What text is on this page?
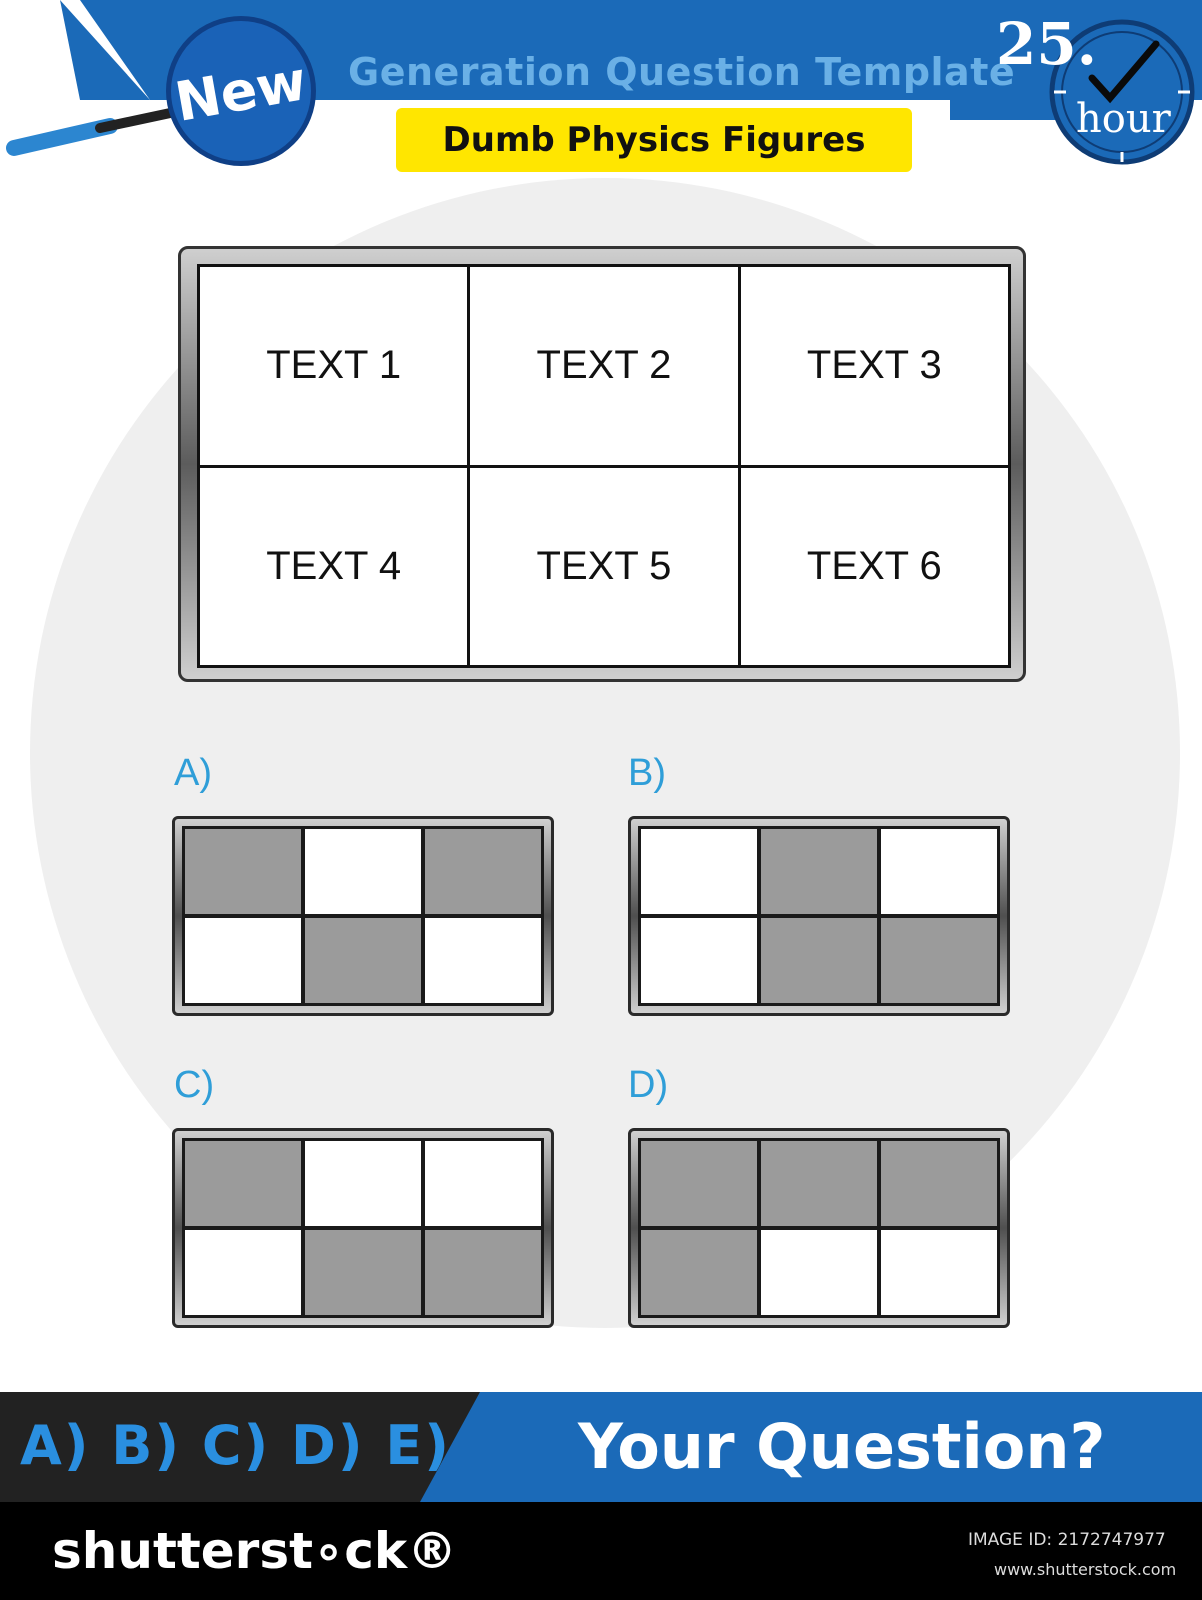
New Generation Question Template
Dumb Physics Figures
25.
hour
TEXT 1	TEXT 2	TEXT 3
TEXT 4	TEXT 5	TEXT 6
A)	B)
C)	D)
A) B) C) D) E) Your Question?
shutterst∘ck®	IMAGE ID: 2172747977
www.shutterstock.com
